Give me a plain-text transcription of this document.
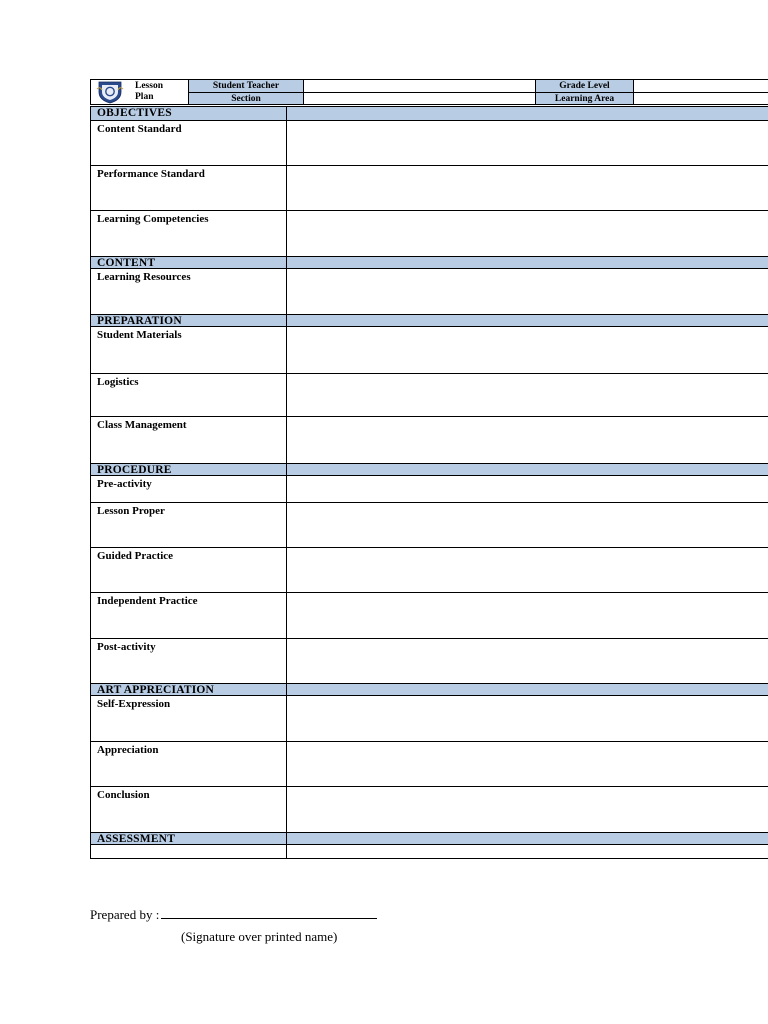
Lesson
Plan
Student Teacher	Grade Level
Section	Learning Area
OBJECTIVES
Content Standard
Performance Standard
Learning Competencies
CONTENT
Learning Resources
PREPARATION
Student Materials
Logistics
Class Management
PROCEDURE
Pre-activity
Lesson Proper
Guided Practice
Independent Practice
Post-activity
ART APPRECIATION
Self-Expression
Appreciation
Conclusion
ASSESSMENT
Prepared by :
(Signature over printed name)
